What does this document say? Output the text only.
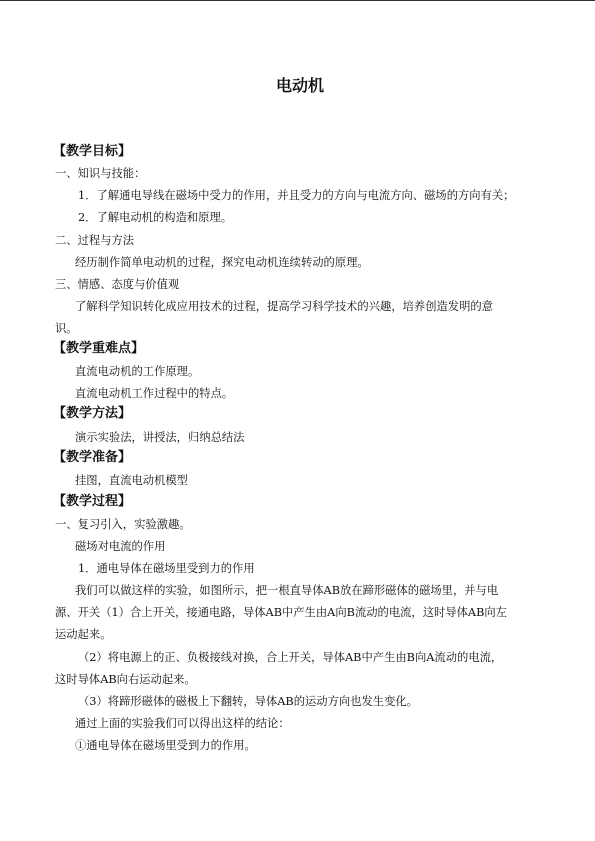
电动机
【教学目标】
一、知识与技能：
1．了解通电导线在磁场中受力的作用，并且受力的方向与电流方向、磁场的方向有关；
2．了解电动机的构造和原理。
二、过程与方法
经历制作简单电动机的过程，探究电动机连续转动的原理。
三、情感、态度与价值观
了解科学知识转化成应用技术的过程，提高学习科学技术的兴趣，培养创造发明的意
识。
【教学重难点】
直流电动机的工作原理。
直流电动机工作过程中的特点。
【教学方法】
演示实验法，讲授法，归纳总结法
【教学准备】
挂图，直流电动机模型
【教学过程】
一、复习引入，实验激趣。
磁场对电流的作用
1．通电导体在磁场里受到力的作用
我们可以做这样的实验，如图所示，把一根直导体AB放在蹄形磁体的磁场里，并与电
源、开关（1）合上开关，接通电路，导体AB中产生由A向B流动的电流，这时导体AB向左
运动起来。
（2）将电源上的正、负极接线对换，合上开关，导体AB中产生由B向A流动的电流，
这时导体AB向右运动起来。
（3）将蹄形磁体的磁极上下翻转，导体AB的运动方向也发生变化。
通过上面的实验我们可以得出这样的结论：
①通电导体在磁场里受到力的作用。
